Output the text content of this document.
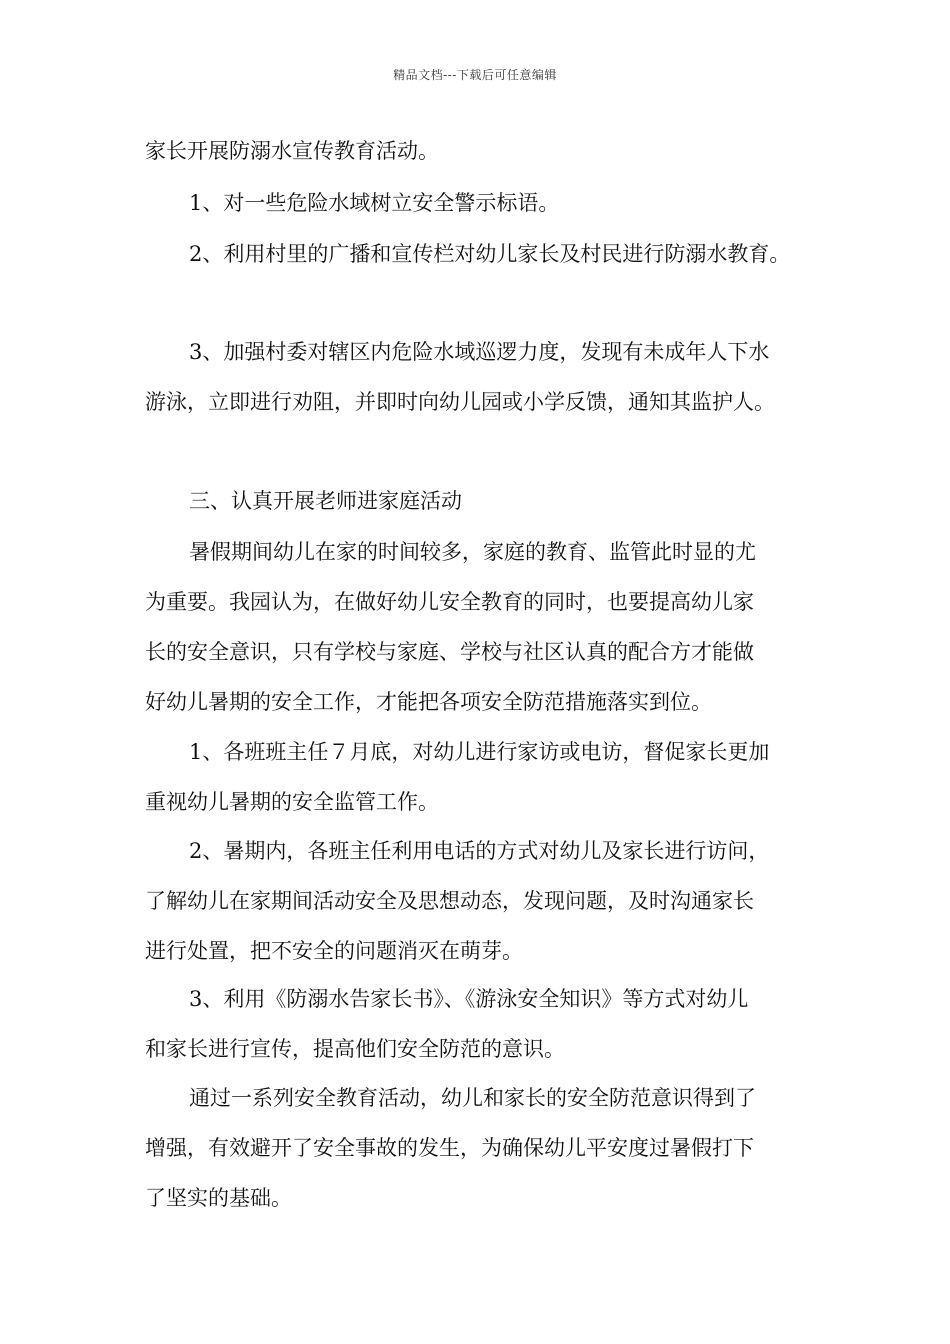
精品文档---下载后可任意编辑
家长开展防溺水宣传教育活动。
1、对一些危险水域树立安全警示标语。
2、利用村里的广播和宣传栏对幼儿家长及村民进行防溺水教育。
3、加强村委对辖区内危险水域巡逻力度，发现有未成年人下水
游泳，立即进行劝阻，并即时向幼儿园或小学反馈，通知其监护人。
三、认真开展老师进家庭活动
暑假期间幼儿在家的时间较多，家庭的教育、监管此时显的尤
为重要。我园认为，在做好幼儿安全教育的同时，也要提高幼儿家
长的安全意识，只有学校与家庭、学校与社区认真的配合方才能做
好幼儿暑期的安全工作，才能把各项安全防范措施落实到位。
1、各班班主任７月底，对幼儿进行家访或电访，督促家长更加
重视幼儿暑期的安全监管工作。
2、暑期内，各班主任利用电话的方式对幼儿及家长进行访问，
了解幼儿在家期间活动安全及思想动态，发现问题，及时沟通家长
进行处置，把不安全的问题消灭在萌芽。
3、利用《防溺水告家长书》、《游泳安全知识》等方式对幼儿
和家长进行宣传，提高他们安全防范的意识。
通过一系列安全教育活动，幼儿和家长的安全防范意识得到了
增强，有效避开了安全事故的发生，为确保幼儿平安度过暑假打下
了坚实的基础。
